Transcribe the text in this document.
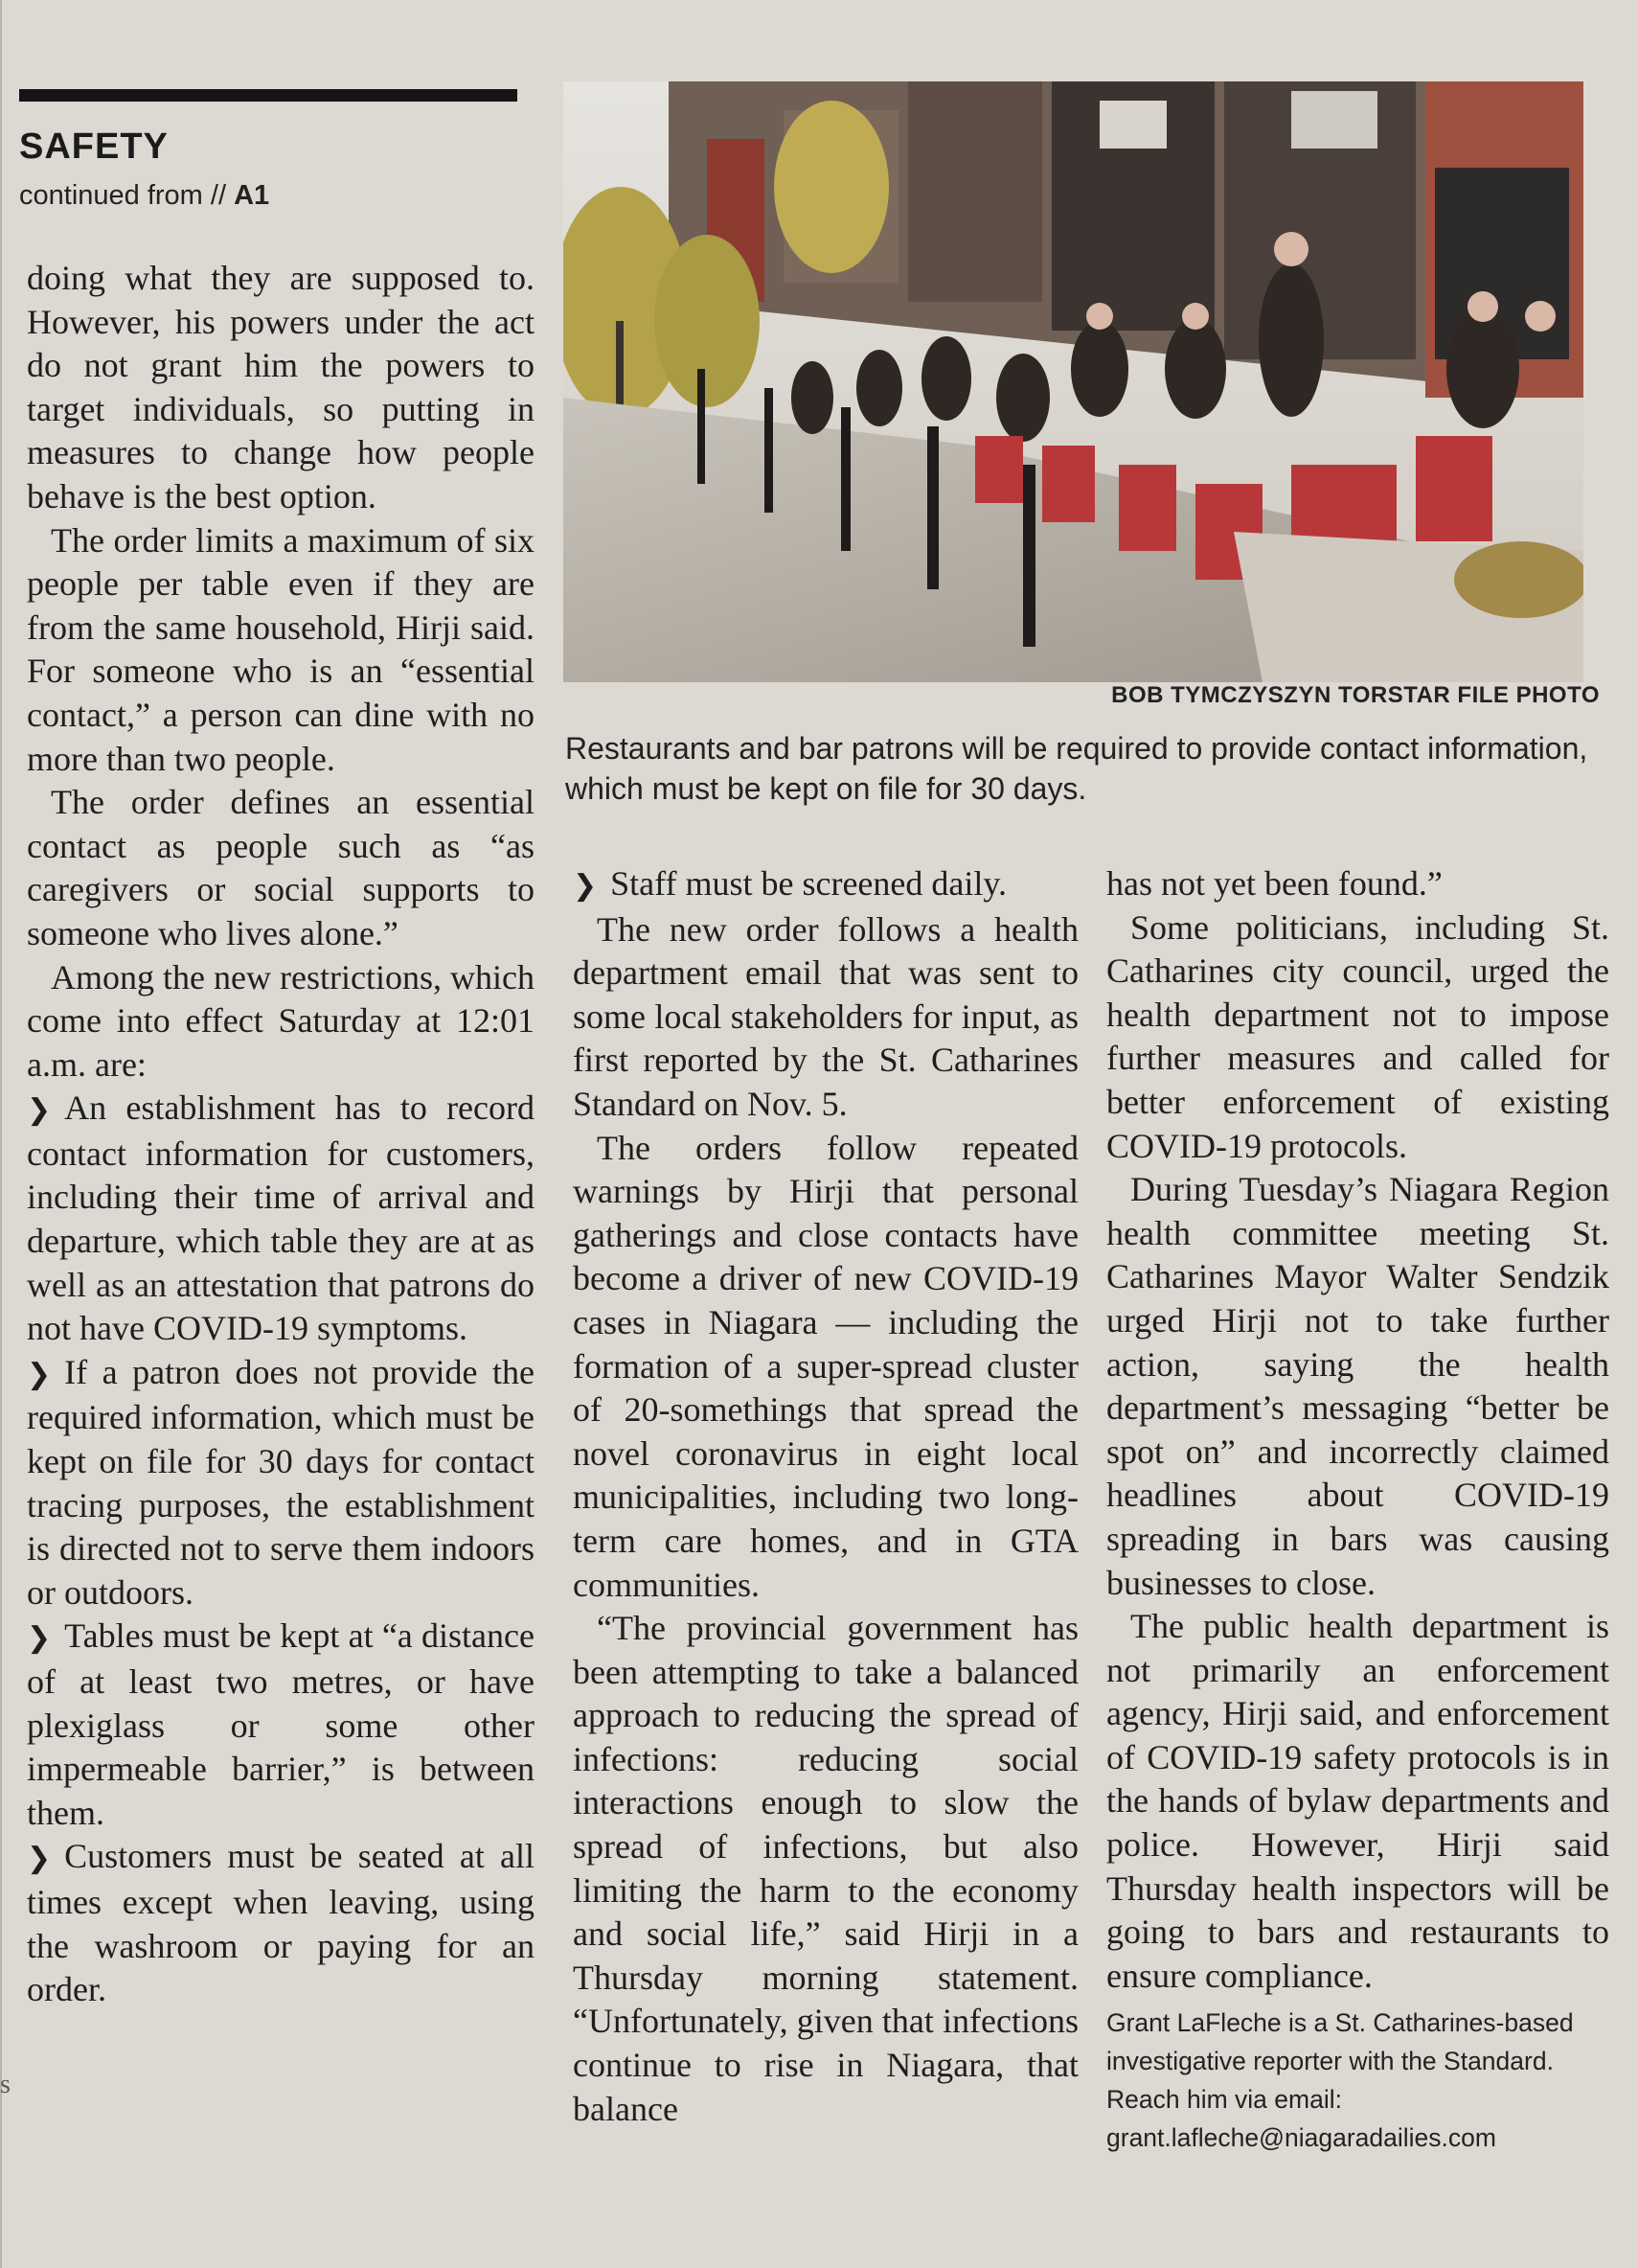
SAFETY
continued from // A1

doing what they are supposed to. However, his powers under the act do not grant him the powers to target individuals, so putting in measures to change how people behave is the best option.

The order limits a maximum of six people per table even if they are from the same household, Hirji said. For someone who is an “essential contact,” a person can dine with no more than two people.

The order defines an essential contact as people such as “as caregivers or social supports to someone who lives alone.”

Among the new restrictions, which come into effect Saturday at 12:01 a.m. are:

❯ An establishment has to record contact information for customers, including their time of arrival and departure, which table they are at as well as an attestation that patrons do not have COVID-19 symptoms.

❯ If a patron does not provide the required information, which must be kept on file for 30 days for contact tracing purposes, the establishment is directed not to serve them indoors or outdoors.

❯ Tables must be kept at “a distance of at least two metres, or have plexiglass or some other impermeable barrier,” is between them.

❯ Customers must be seated at all times except when leaving, using the washroom or paying for an order.

BOB TYMCZYSZYN TORSTAR FILE PHOTO
Restaurants and bar patrons will be required to provide contact information, which must be kept on file for 30 days.

❯ Staff must be screened daily.

The new order follows a health department email that was sent to some local stakeholders for input, as first reported by the St. Catharines Standard on Nov. 5.

The orders follow repeated warnings by Hirji that personal gatherings and close contacts have become a driver of new COVID-19 cases in Niagara — including the formation of a super-spread cluster of 20-somethings that spread the novel coronavirus in eight local municipalities, including two long-term care homes, and in GTA communities.

“The provincial government has been attempting to take a balanced approach to reducing the spread of infections: reducing social interactions enough to slow the spread of infections, but also limiting the harm to the economy and social life,” said Hirji in a Thursday morning statement. “Unfortunately, given that infections continue to rise in Niagara, that balance

has not yet been found.”

Some politicians, including St. Catharines city council, urged the health department not to impose further measures and called for better enforcement of existing COVID-19 protocols.

During Tuesday’s Niagara Region health committee meeting St. Catharines Mayor Walter Sendzik urged Hirji not to take further action, saying the health department’s messaging “better be spot on” and incorrectly claimed headlines about COVID-19 spreading in bars was causing businesses to close.

The public health department is not primarily an enforcement agency, Hirji said, and enforcement of COVID-19 safety protocols is in the hands of bylaw departments and police. However, Hirji said Thursday health inspectors will be going to bars and restaurants to ensure compliance.

Grant LaFleche is a St. Catharines-based investigative reporter with the Standard. Reach him via email: grant.lafleche@niagaradailies.com

s
